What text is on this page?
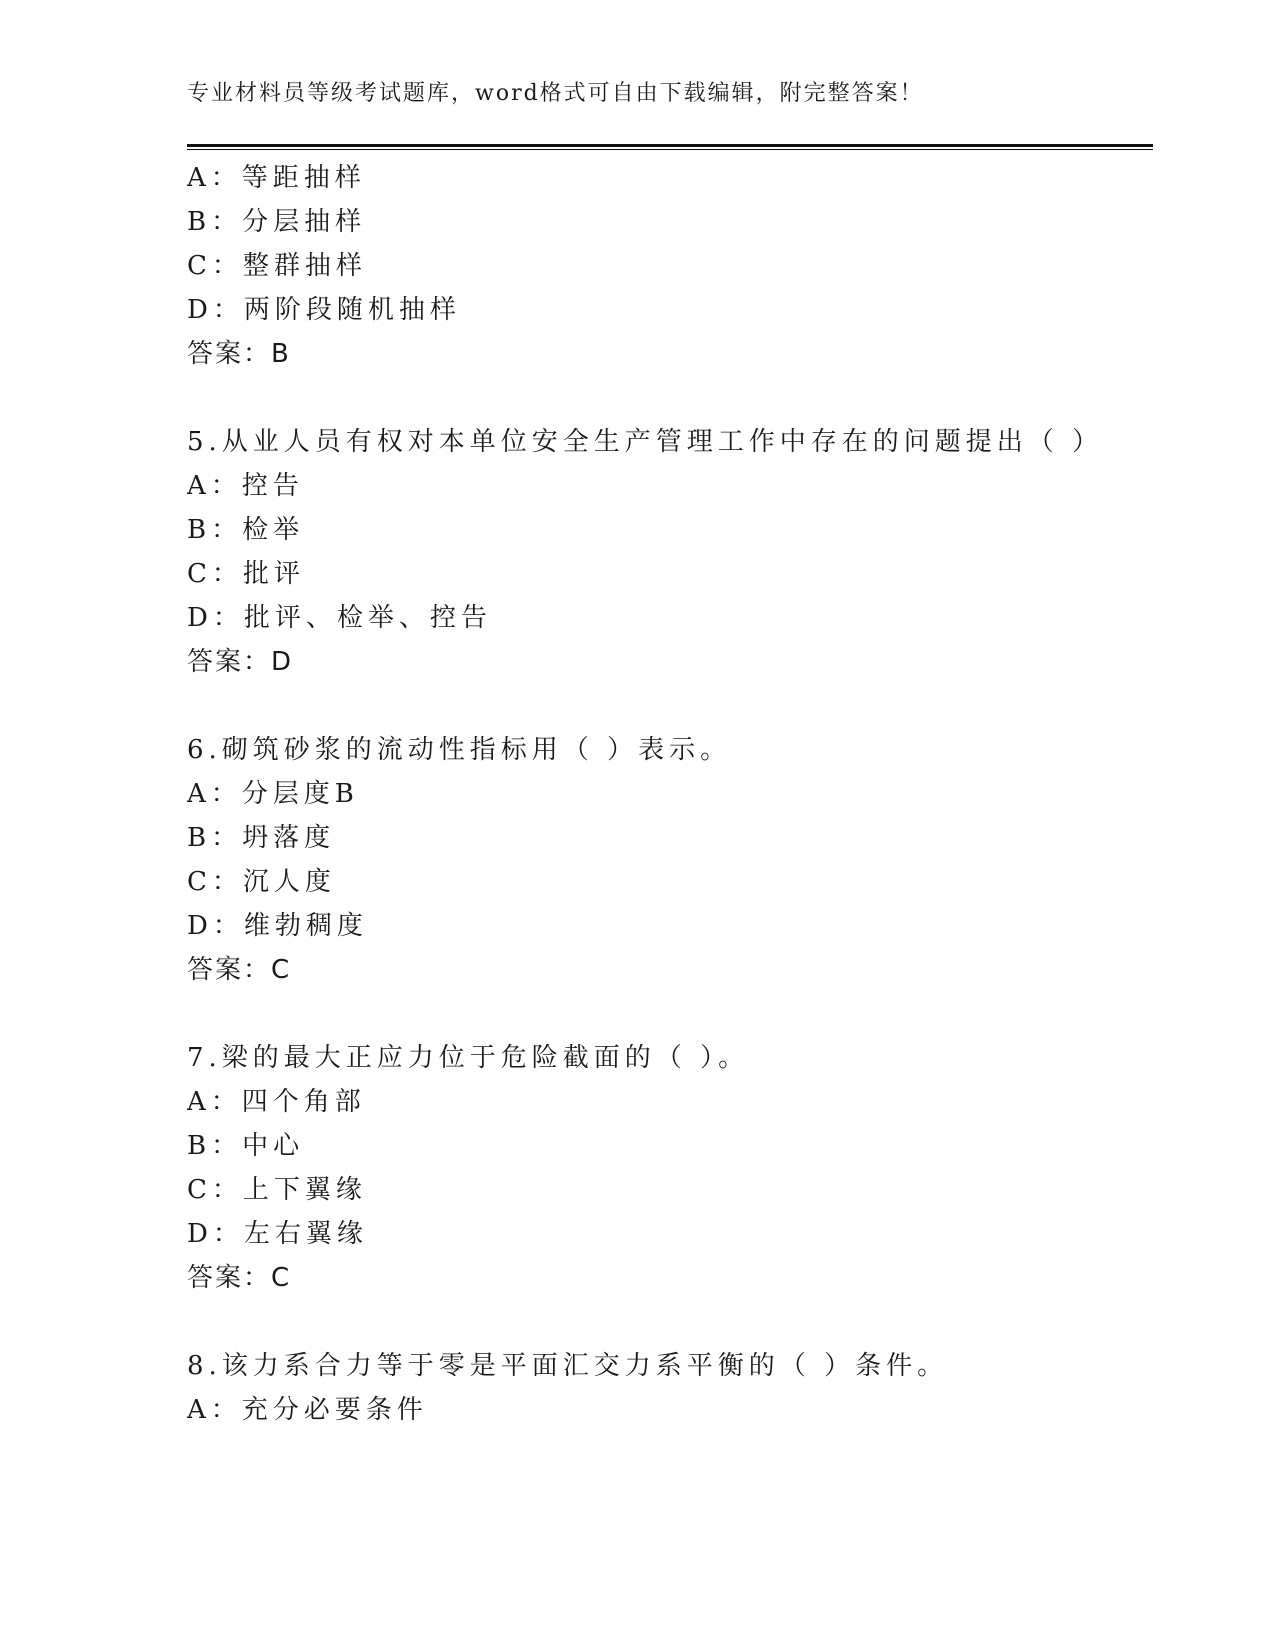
专业材料员等级考试题库，word格式可自由下载编辑，附完整答案！
A：等距抽样
B：分层抽样
C：整群抽样
D：两阶段随机抽样
答案：B
5.从业人员有权对本单位安全生产管理工作中存在的问题提出（ ）
A：控告
B：检举
C：批评
D：批评、检举、控告
答案：D
6.砌筑砂浆的流动性指标用（ ）表示。
A：分层度B
B：坍落度
C：沉人度
D：维勃稠度
答案：C
7.梁的最大正应力位于危险截面的（ ）。
A：四个角部
B：中心
C：上下翼缘
D：左右翼缘
答案：C
8.该力系合力等于零是平面汇交力系平衡的（ ）条件。
A：充分必要条件
